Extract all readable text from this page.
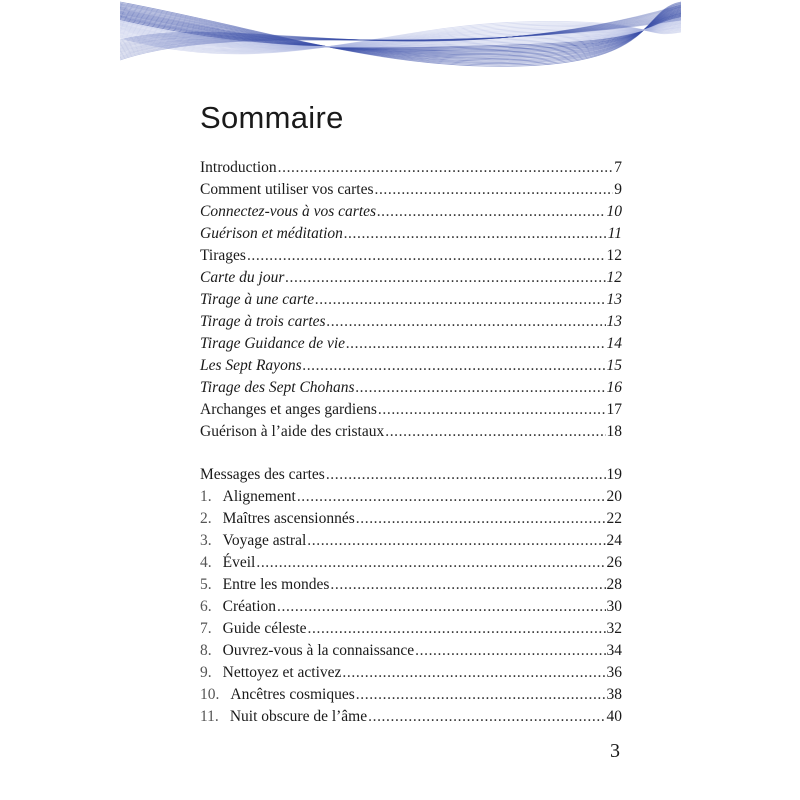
Sommaire
Introduction .....	7
Comment utiliser vos cartes .....	9
Connectez-vous à vos cartes .....	10
Guérison et méditation .....	11
Tirages .....	12
Carte du jour .....	12
Tirage à une carte .....	13
Tirage à trois cartes .....	13
Tirage Guidance de vie .....	14
Les Sept Rayons .....	15
Tirage des Sept Chohans .....	16
Archanges et anges gardiens .....	17
Guérison à l’aide des cristaux .....	18
Messages des cartes .....	19
1. Alignement .....	20
2. Maîtres ascensionnés .....	22
3. Voyage astral .....	24
4. Éveil .....	26
5. Entre les mondes .....	28
6. Création .....	30
7. Guide céleste .....	32
8. Ouvrez-vous à la connaissance .....	34
9. Nettoyez et activez .....	36
10. Ancêtres cosmiques .....	38
11. Nuit obscure de l’âme .....	40
3
